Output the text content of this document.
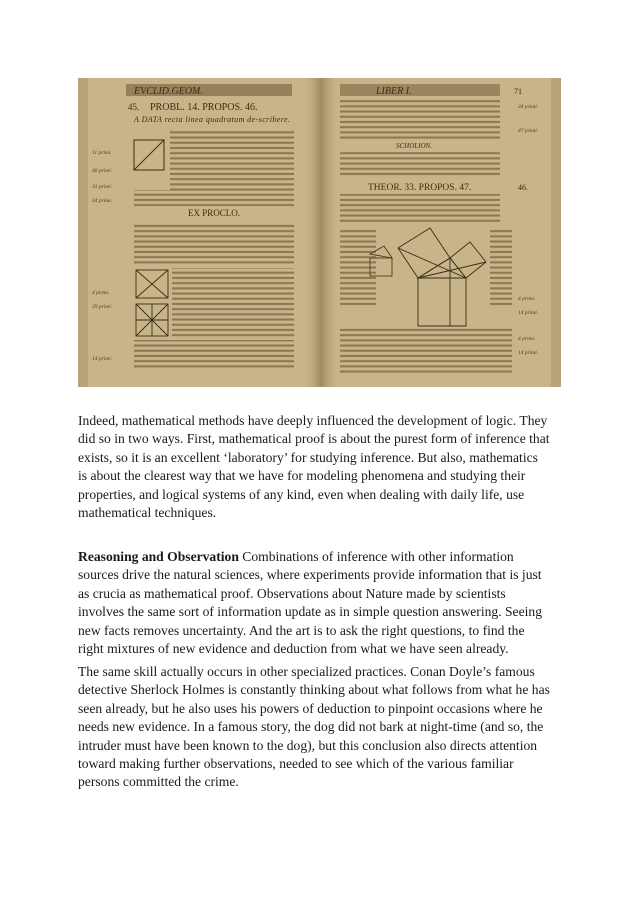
EVCLID.GEOM.
45. PROBL. 14. PROPOS. 46.
A DATA recta linea quadratum de-scribere.
EX PROCLO.
11 primi.
46 primi.
31 primi.
34 primi.
4 primi.
29 primi.
14 primi.
LIBER I.	71
SCHOLION.
THEOR. 33. PROPOS. 47.	46.
34 primi.
47 primi.
4 primi.
14 primi.
4 primi.
14 primi.
Indeed, mathematical methods have deeply influenced the development of logic. They
did so in two ways. First, mathematical proof is about the purest form of inference that
exists, so it is an excellent ‘laboratory’ for studying inference. But also, mathematics
is about the clearest way that we have for modeling phenomena and studying their
properties, and logical systems of any kind, even when dealing with daily life, use
mathematical techniques.
Reasoning and Observation Combinations of inference with other information
sources drive the natural sciences, where experiments provide information that is just
as crucia as mathematical proof. Observations about Nature made by scientists
involves the same sort of information update as in simple question answering. Seeing
new facts removes uncertainty. And the art is to ask the right questions, to find the
right mixtures of new evidence and deduction from what we have seen already.
The same skill actually occurs in other specialized practices. Conan Doyle’s famous
detective Sherlock Holmes is constantly thinking about what follows from what he has
seen already, but he also uses his powers of deduction to pinpoint occasions where he
needs new evidence. In a famous story, the dog did not bark at night-time (and so, the
intruder must have been known to the dog), but this conclusion also directs attention
toward making further observations, needed to see which of the various familiar
persons committed the crime.
